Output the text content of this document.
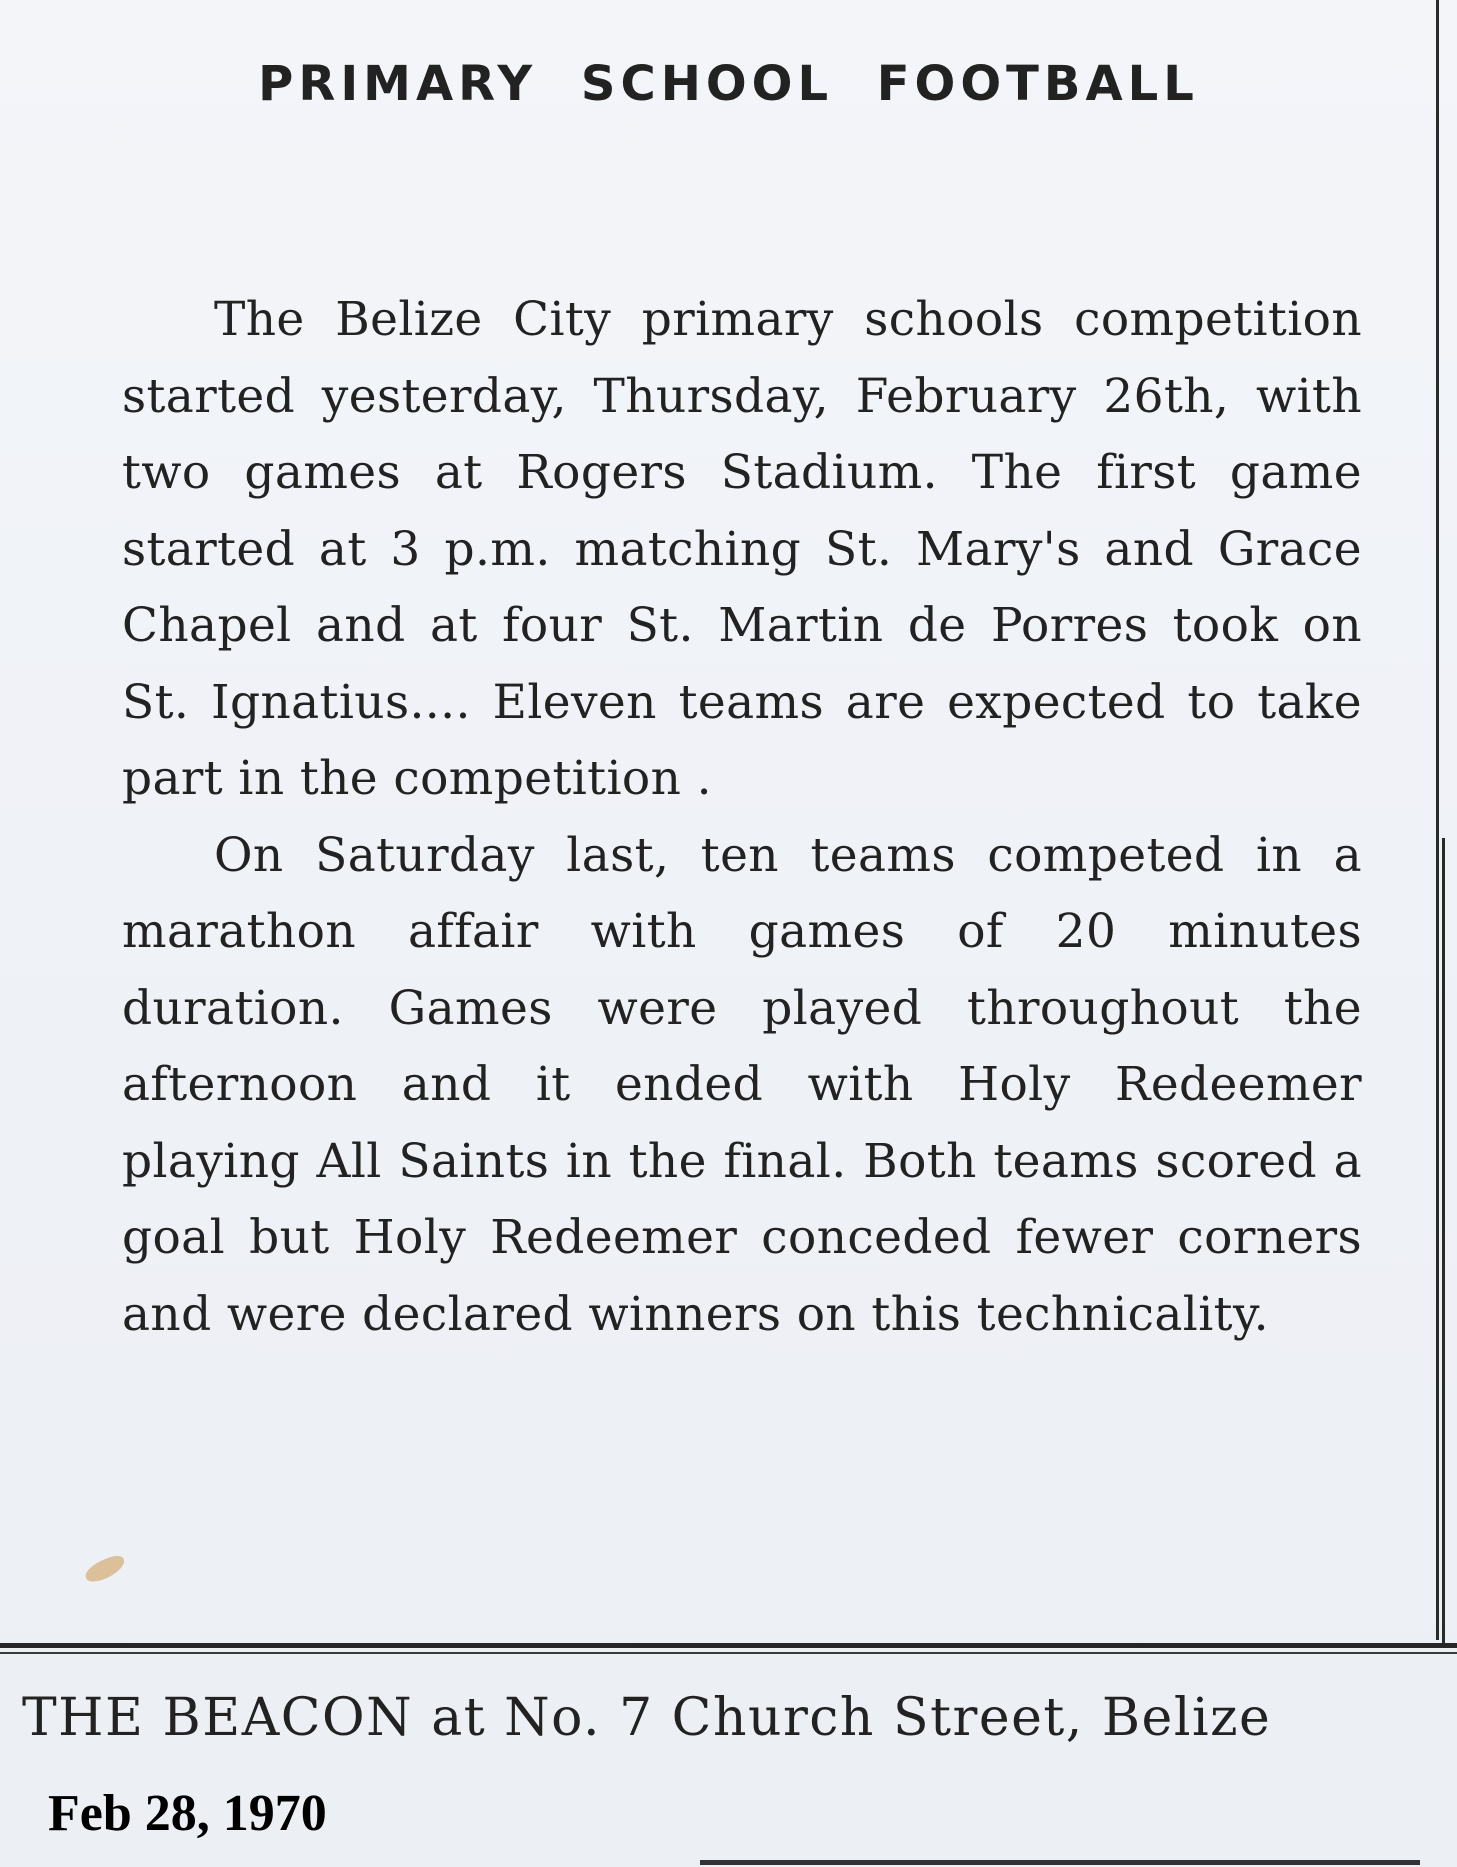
PRIMARY SCHOOL FOOTBALL

The Belize City primary schools competition started yesterday, Thursday, February 26th, with two games at Rogers Stadium. The first game started at 3 p.m. matching St. Mary's and Grace Chapel and at four St. Martin de Porres took on St. Ignatius.... Eleven teams are expected to take part in the competition .

On Saturday last, ten teams competed in a marathon affair with games of 20 minutes duration. Games were played throughout the afternoon and it ended with Holy Redeemer playing All Saints in the final. Both teams scored a goal but Holy Redeemer conceded fewer corners and were declared winners on this technicality.

THE BEACON at No. 7 Church Street, Belize
Feb 28, 1970
